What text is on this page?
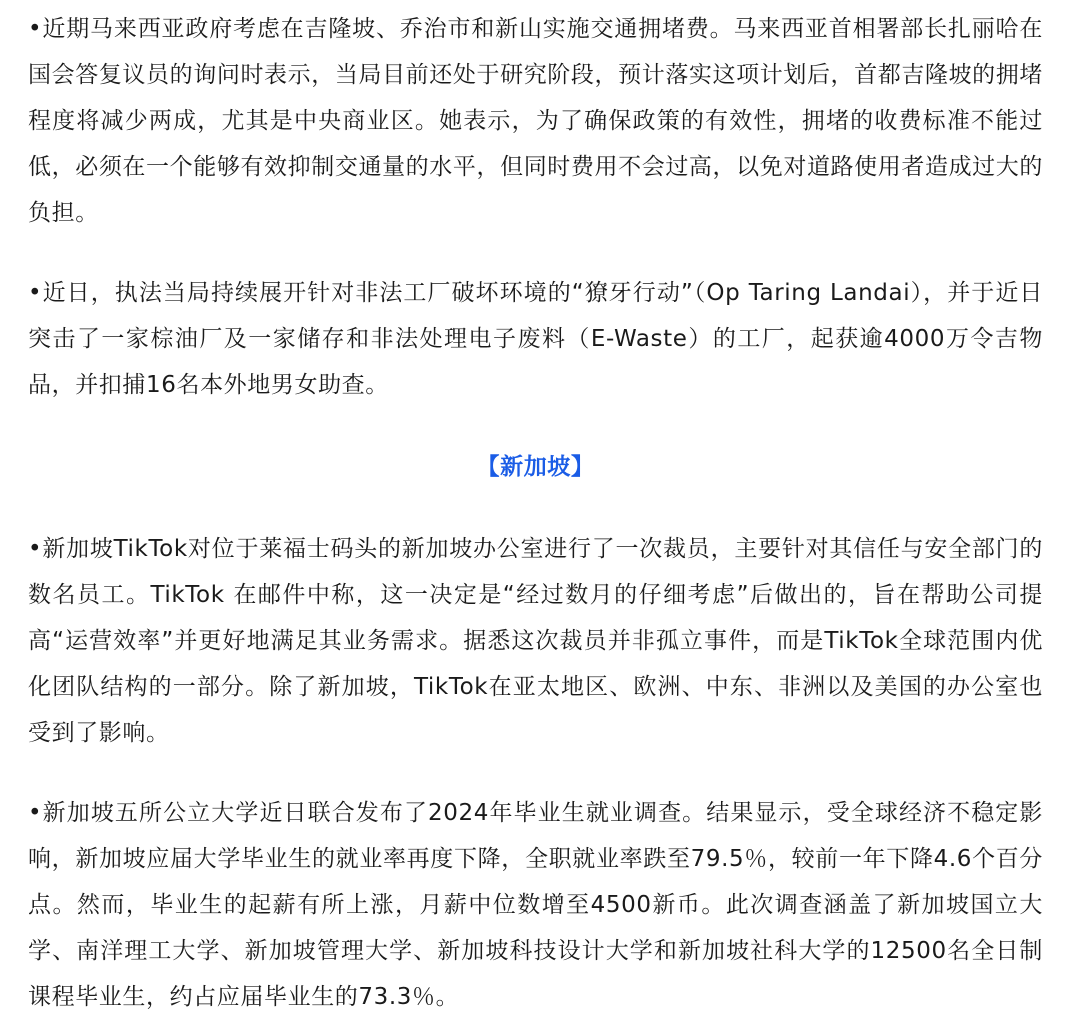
•近期马来西亚政府考虑在吉隆坡、乔治市和新山实施交通拥堵费。马来西亚首相署部长扎丽哈在国会答复议员的询问时表示，当局目前还处于研究阶段，预计落实这项计划后，首都吉隆坡的拥堵程度将减少两成，尤其是中央商业区。她表示，为了确保政策的有效性，拥堵的收费标准不能过低，必须在一个能够有效抑制交通量的水平，但同时费用不会过高，以免对道路使用者造成过大的负担。

•近日，执法当局持续展开针对非法工厂破坏环境的“獠牙行动”（Op Taring Landai），并于近日突击了一家棕油厂及一家储存和非法处理电子废料（E-Waste）的工厂，起获逾4000万令吉物品，并扣捕16名本外地男女助查。

【新加坡】

•新加坡TikTok对位于莱福士码头的新加坡办公室进行了一次裁员，主要针对其信任与安全部门的数名员工。TikTok 在邮件中称，这一决定是“经过数月的仔细考虑”后做出的，旨在帮助公司提高“运营效率”并更好地满足其业务需求。据悉这次裁员并非孤立事件，而是TikTok全球范围内优化团队结构的一部分。除了新加坡，TikTok在亚太地区、欧洲、中东、非洲以及美国的办公室也受到了影响。

•新加坡五所公立大学近日联合发布了2024年毕业生就业调查。结果显示，受全球经济不稳定影响，新加坡应届大学毕业生的就业率再度下降，全职就业率跌至79.5％，较前一年下降4.6个百分点。然而，毕业生的起薪有所上涨，月薪中位数增至4500新币。此次调查涵盖了新加坡国立大学、南洋理工大学、新加坡管理大学、新加坡科技设计大学和新加坡社科大学的12500名全日制课程毕业生，约占应届毕业生的73.3％。
